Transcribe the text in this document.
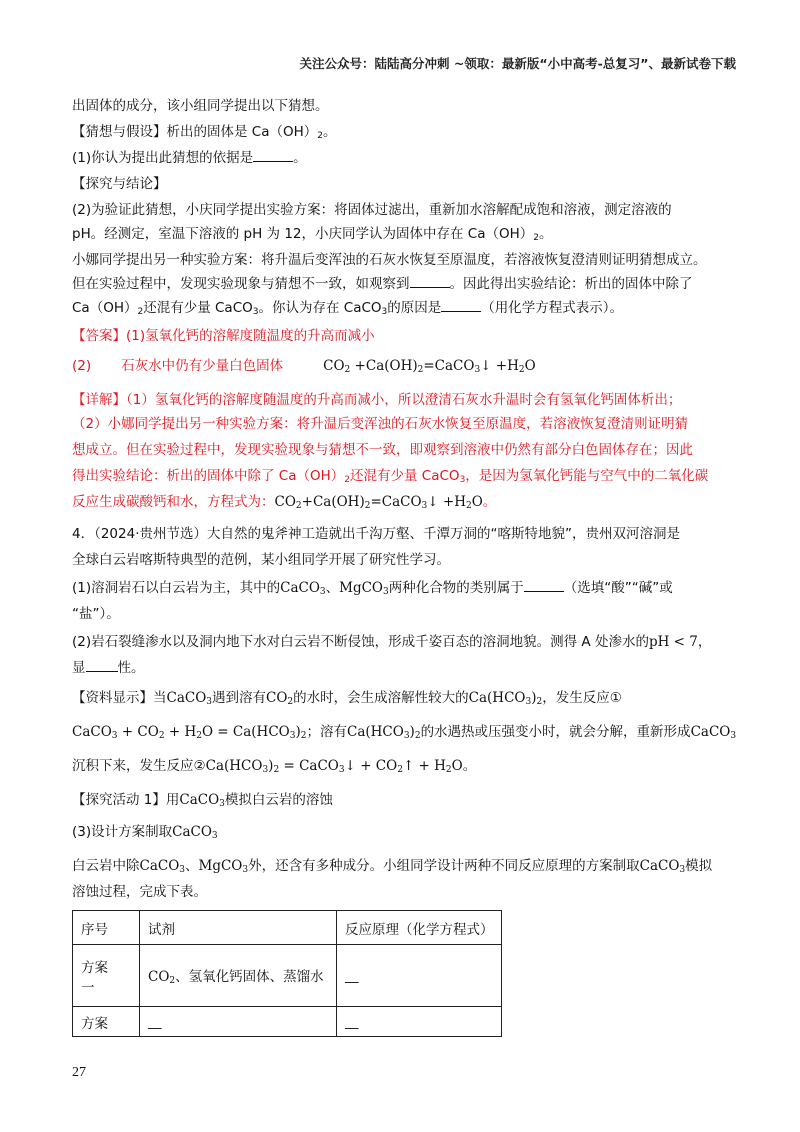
关注公众号：陆陆高分冲刺 ~领取：最新版“小中高考-总复习”、最新试卷下载
出固体的成分，该小组同学提出以下猜想。
【猜想与假设】析出的固体是 $Ca(OH)_2$。
(1)你认为提出此猜想的依据是	。
【探究与结论】
(2)为验证此猜想，小庆同学提出实验方案：将固体过滤出，重新加水溶解配成饱和溶液，测定溶液的
pH。经测定，室温下溶液的 pH 为 12，小庆同学认为固体中存在 $Ca(OH)_2$。
小娜同学提出另一种实验方案：将升温后变浑浊的石灰水恢复至原温度，若溶液恢复澄清则证明猜想成立。
但在实验过程中，发现实验现象与猜想不一致，如观察到	。因此得出实验结论：析出的固体中除了
$Ca(OH)_2$还混有少量 CaCO$_3$。你认为存在 CaCO$_3$的原因是	（用化学方程式表示）。
【答案】(1)氢氧化钙的溶解度随温度的升高而减小
(2) 石灰水中仍有少量白色固体	$CO_2$ $+Ca(OH)_2=CaCO_3↓ +H_2O$
【详解】（1）氢氧化钙的溶解度随温度的升高而减小，所以澄清石灰水升温时会有氢氧化钙固体析出；
（2）小娜同学提出另一种实验方案：将升温后变浑浊的石灰水恢复至原温度，若溶液恢复澄清则证明猜
想成立。但在实验过程中，发现实验现象与猜想不一致，即观察到溶液中仍然有部分白色固体存在；因此
得出实验结论：析出的固体中除了 $Ca(OH)_2$还混有少量 CaCO$_3$，是因为氢氧化钙能与空气中的二氧化碳
反应生成碳酸钙和水，方程式为：$CO_2+Ca(OH)_2=CaCO_3↓ +H_2O$。
4．（2024·贵州节选）大自然的鬼斧神工造就出千沟万壑、千潭万洞的“喀斯特地貌”，贵州双河溶洞是
全球白云岩喀斯特典型的范例，某小组同学开展了研究性学习。
(1)溶洞岩石以白云岩为主，其中的CaCO$_3$、MgCO$_3$两种化合物的类别属于	（选填“酸”“碱”或
“盐”）。
(2)岩石裂缝渗水以及洞内地下水对白云岩不断侵蚀，形成千姿百态的溶洞地貌。测得 A 处渗水的pH < 7，
显 性。
【资料显示】当CaCO$_3$遇到溶有$CO_2$的水时，会生成溶解性较大的$Ca(HCO_3)_2$，发生反应①
CaCO$_3$ + $CO_2 + H_2O = Ca(HCO_3)_2$；溶有$Ca(HCO_3)_2$的水遇热或压强变小时，就会分解，重新形成CaCO$_3$
沉积下来，发生反应$②Ca(HCO_3)_2$ = CaCO$_3$↓ + $CO_2↑ + H_2O$。
【探究活动 1】用CaCO$_3$模拟白云岩的溶蚀
(3)设计方案制取CaCO$_3$
白云岩中除CaCO$_3$、MgCO$_3$外，还含有多种成分。小组同学设计两种不同反应原理的方案制取CaCO$_3$模拟
溶蚀过程，完成下表。
序号	试剂	反应原理（化学方程式）

方案
一	$CO_2$、氢氧化钙固体、蒸馏水	__
方案	__	__
27
